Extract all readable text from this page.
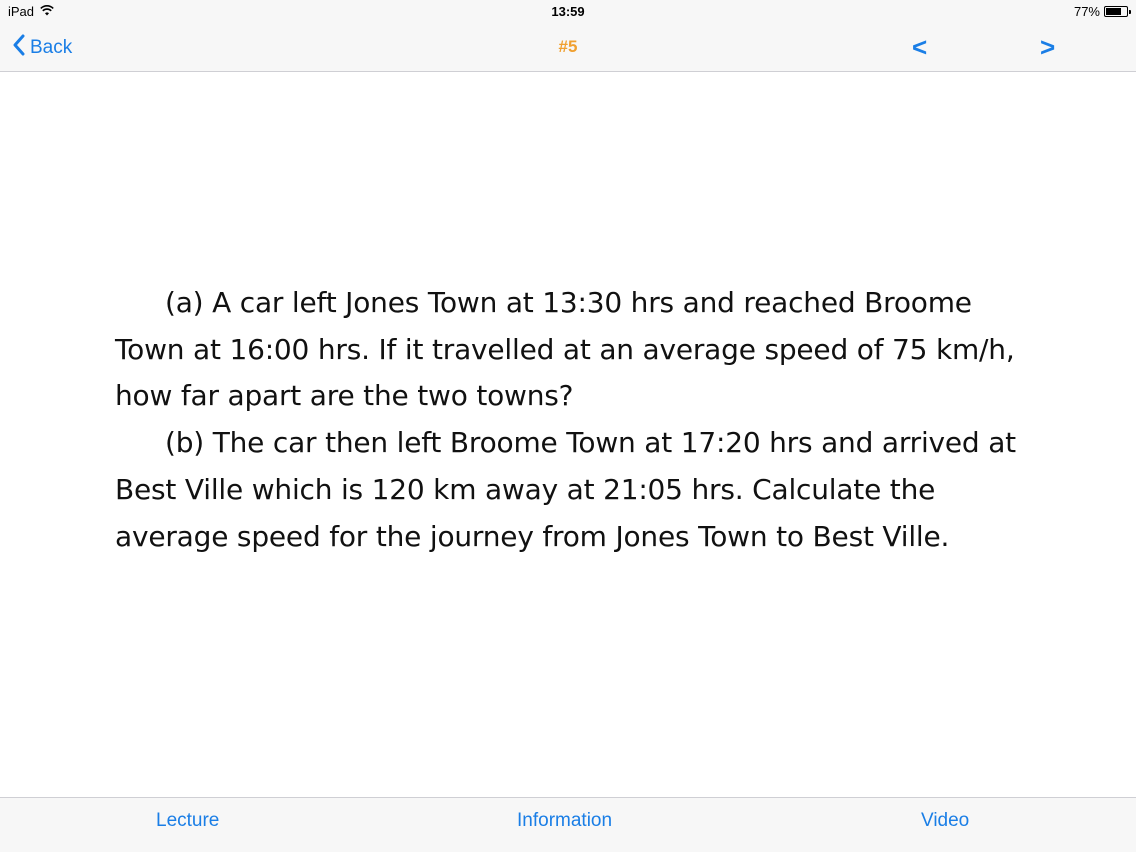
iPad	13:59	77%
Back	#5	<	>

(a) A car left Jones Town at 13:30 hrs and reached Broome Town at 16:00 hrs. If it travelled at an average speed of 75 km/h, how far apart are the two towns?

(b) The car then left Broome Town at 17:20 hrs and arrived at Best Ville which is 120 km away at 21:05 hrs. Calculate the average speed for the journey from Jones Town to Best Ville.

Lecture	Information	Video
